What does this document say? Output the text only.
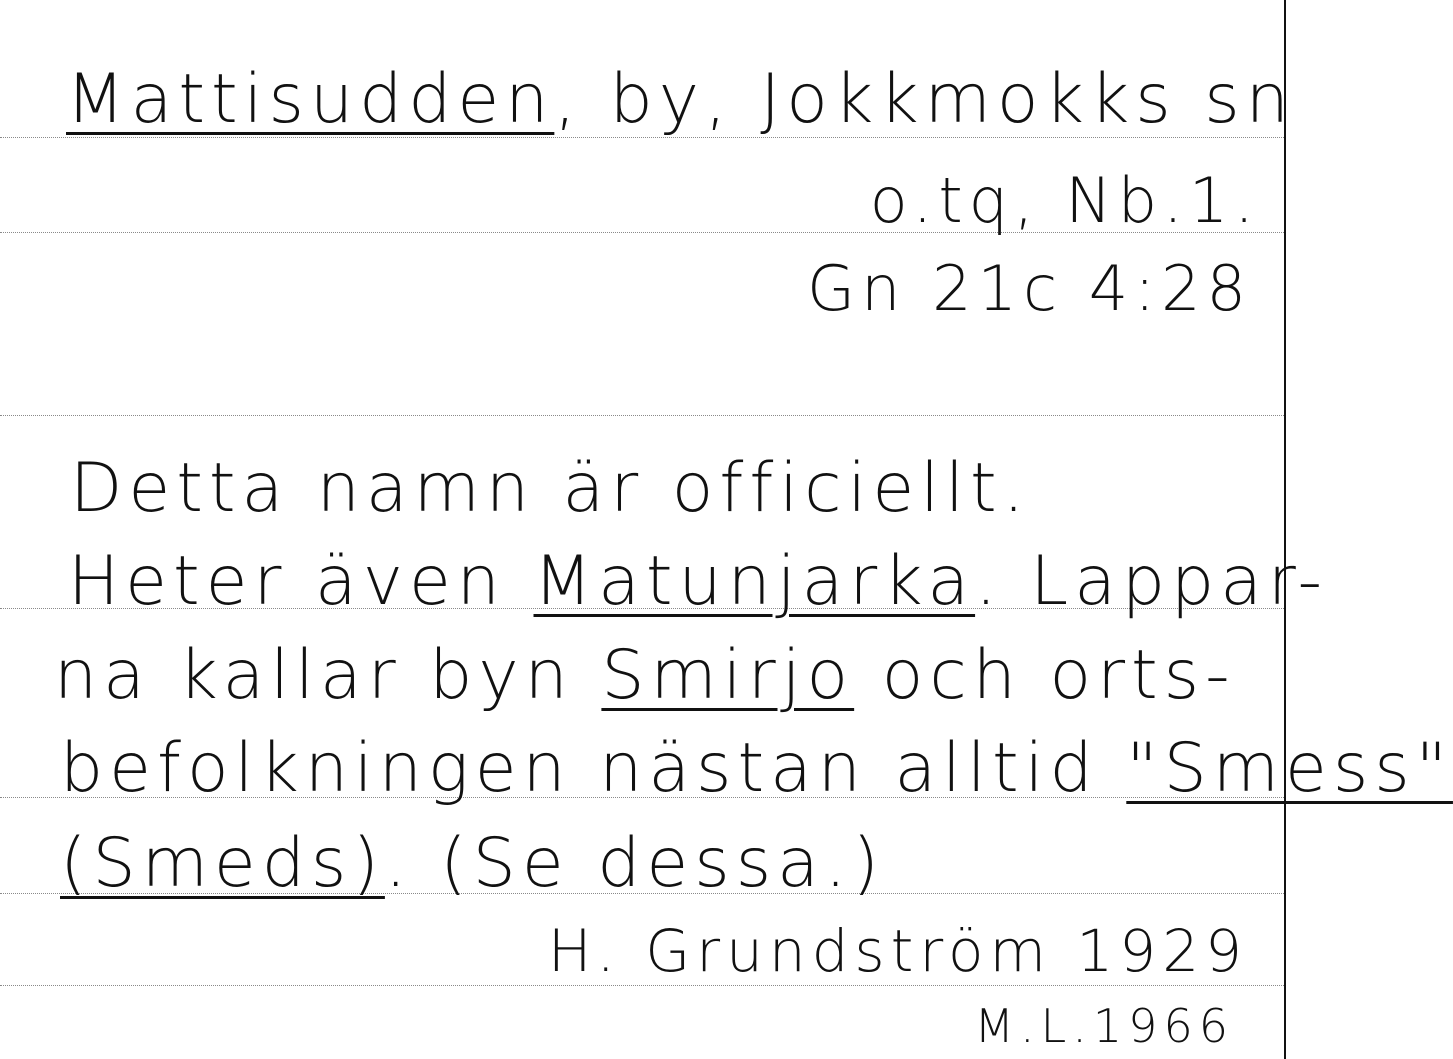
Mattisudden, by, Jokkmokks sn
o.tq, Nb.1.
Gn 21c 4:28
Detta namn är officiellt.
Heter även Matunjarka. Lappar-
na kallar byn Smirjo och orts-
befolkningen nästan alltid "Smess"
(Smeds). (Se dessa.)
H. Grundström 1929
M.L.1966
